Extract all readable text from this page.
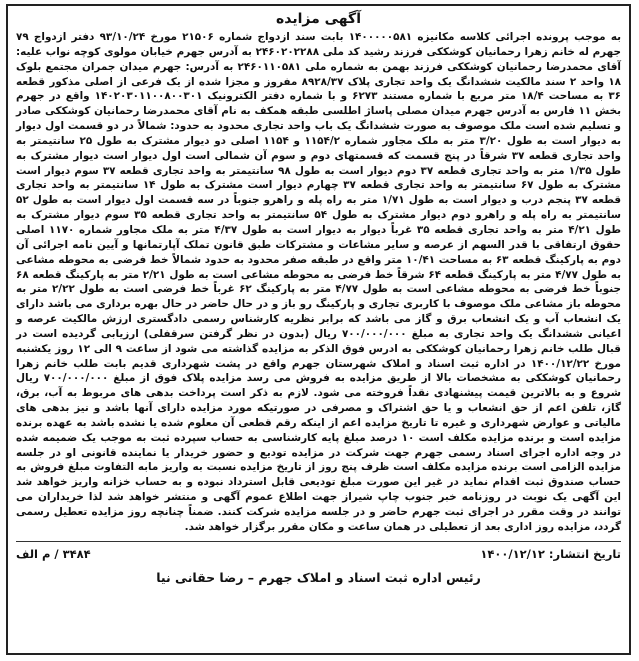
آگهی مزایده

به موجب پرونده اجرائی کلاسه مکانیزه ۱۴۰۰۰۰۰۵۸۱ بابت سند ازدواج شماره ۲۱۵۰۶ مورخ ۹۳/۱۰/۲۴ دفتر ازدواج ۷۹ جهرم له خانم زهرا رحمانیان کوشککی فرزند رشید کد ملی ۲۴۶۰۲۰۲۲۸۸ به آدرس جهرم خیابان مولوی کوچه نواب علیه: آقای محمدرضا رحمانیان کوشککی فرزند بهمن به شماره ملی ۲۴۶۰۱۱۰۵۸۱ به آدرس: جهرم میدان جمران مجتمع بلوک ۱۸ واحد ۲ سند مالکیت ششدانگ یک واحد تجاری پلاک ۸۹۲۸/۳۷ مفروز و مجزا شده از یک فرعی از اصلی مذکور قطعه ۳۶ به مساحت ۱۸/۴ متر مربع با شماره مستند ۶۲۷۳ و با شماره دفتر الکترونیک ۱۴۰۲۰۳۰۱۱۰۰۸۰۰۳۰۱ واقع در جهرم بخش ۱۱ فارس به آدرس جهرم میدان مصلی پاساژ اطلسی طبقه همکف به نام آقای محمدرضا رحمانیان کوشککی صادر و تسلیم شده است ملک موصوف به صورت ششدانگ یک باب واحد تجاری محدود به حدود: شمالاً در دو قسمت اول دیوار به دیوار است به طول ۳/۲۰ متر به ملک مجاور شماره ۱۱۵۴/۲ و ۱۱۵۴ اصلی دو دیوار مشترک به طول ۲۵ سانتیمتر به واحد تجاری قطعه ۳۷ شرقاً در پنج قسمت که قسمتهای دوم و سوم آن شمالی است اول دیوار است دیوار مشترک به طول ۱/۳۵ متر به واحد تجاری قطعه ۳۷ دوم دیوار است به طول ۹۸ سانتیمتر به واحد تجاری قطعه ۳۷ سوم دیوار است مشترک به طول ۶۷ سانتیمتر به واحد تجاری قطعه ۳۷ چهارم دیوار است مشترک به طول ۱۴ سانتیمتر به واحد تجاری قطعه ۳۷ پنجم درب و دیوار است به طول ۱/۷۱ متر به راه پله و راهرو جنوباً در سه قسمت اول دیوار است به طول ۵۲ سانتیمتر به راه پله و راهرو دوم دیوار مشترک به طول ۵۴ سانتیمتر به واحد تجاری قطعه ۳۵ سوم دیوار مشترک به طول ۴/۲۱ متر به واحد تجاری قطعه ۳۵ غرباً دیوار به دیوار است به طول ۴/۳۷ متر به ملک مجاور شماره ۱۱۷۰ اصلی حقوق ارتفاقی با قدر السهم از عرصه و سایر مشاعات و مشترکات طبق قانون تملک آپارتمانها و آیین نامه اجرائی آن دوم به پارکینگ قطعه ۶۳ به مساحت ۱۰/۴۱ متر واقع در طبقه صفر محدود به حدود شمالاً خط فرضی به محوطه مشاعی به طول ۴/۷۷ متر به پارکینگ قطعه ۶۴ شرقاً خط فرضی به محوطه مشاعی است به طول ۲/۲۱ متر به پارکینگ قطعه ۶۸ جنوباً خط فرضی به محوطه مشاعی است به طول ۴/۷۷ متر به پارکینگ ۶۲ غرباً خط فرضی است به طول ۲/۲۲ متر به محوطه باز مشاعی ملک موصوف با کاربری تجاری و پارکینگ رو باز و در حال حاضر در حال بهره برداری می باشد دارای یک انشعاب آب و یک انشعاب برق و گاز می باشد که برابر نظریه کارشناس رسمی دادگستری ارزش مالکیت عرصه و اعیانی ششدانگ یک واحد تجاری به مبلغ ۷۰۰/۰۰۰/۰۰۰ ریال (بدون در نظر گرفتن سرقفلی) ارزیابی گردیده است در قبال طلب خانم زهرا رحمانیان کوشککی به ادرس فوق الذکر به مزایده گذاشته می شود از ساعت ۹ الی ۱۲ روز یکشنبه مورخ ۱۴۰۰/۱۲/۲۲ در اداره ثبت اسناد و املاک شهرستان جهرم واقع در پشت شهرداری قدیم بابت طلب خانم زهرا رحمانیان کوشککی به مشخصات بالا از طریق مزایده به فروش می رسد مزایده پلاک فوق از مبلغ ۷۰۰/۰۰۰/۰۰۰ ریال شروع و به بالاترین قیمت پیشنهادی نقداً فروخته می شود. لازم به ذکر است پرداخت بدهی های مربوط به آب، برق، گاز، تلفن اعم از حق انشعاب و یا حق اشتراک و مصرفی در صورتیکه مورد مزایده دارای آنها باشد و نیز بدهی های مالیاتی و عوارض شهرداری و غیره تا تاریخ مزایده اعم از اینکه رقم قطعی آن معلوم شده یا نشده باشد به عهده برنده مزایده است و برنده مزایده مکلف است ۱۰ درصد مبلغ پایه کارشناسی به حساب سپرده ثبت به موجب یک ضمیمه شده در وجه اداره اجرای اسناد رسمی جهرم جهت شرکت در مزایده تودیع و حضور خریدار یا نماینده قانونی او در جلسه مزایده الزامی است برنده مزایده مکلف است ظرف پنج روز از تاریخ مزایده نسبت به واریز مابه التفاوت مبلغ فروش به حساب صندوق ثبت اقدام نماید در غیر این صورت مبلغ تودیعی قابل استرداد نبوده و به حساب خزانه واریز خواهد شد این آگهی یک نوبت در روزنامه خبر جنوب چاپ شیراز جهت اطلاع عموم آگهی و منتشر خواهد شد لذا خریداران می توانند در وقت مقرر در اجرای ثبت جهرم حاضر و در جلسه مزایده شرکت کنند. ضمناً چنانچه روز مزایده تعطیل رسمی گردد، مزایده روز اداری بعد از تعطیلی در همان ساعت و مکان مقرر برگزار خواهد شد.

تاریخ انتشار: ۱۴۰۰/۱۲/۱۲
۳۴۸۴ / م الف
رئیس اداره ثبت اسناد و املاک جهرم – رضا حقانی نیا
